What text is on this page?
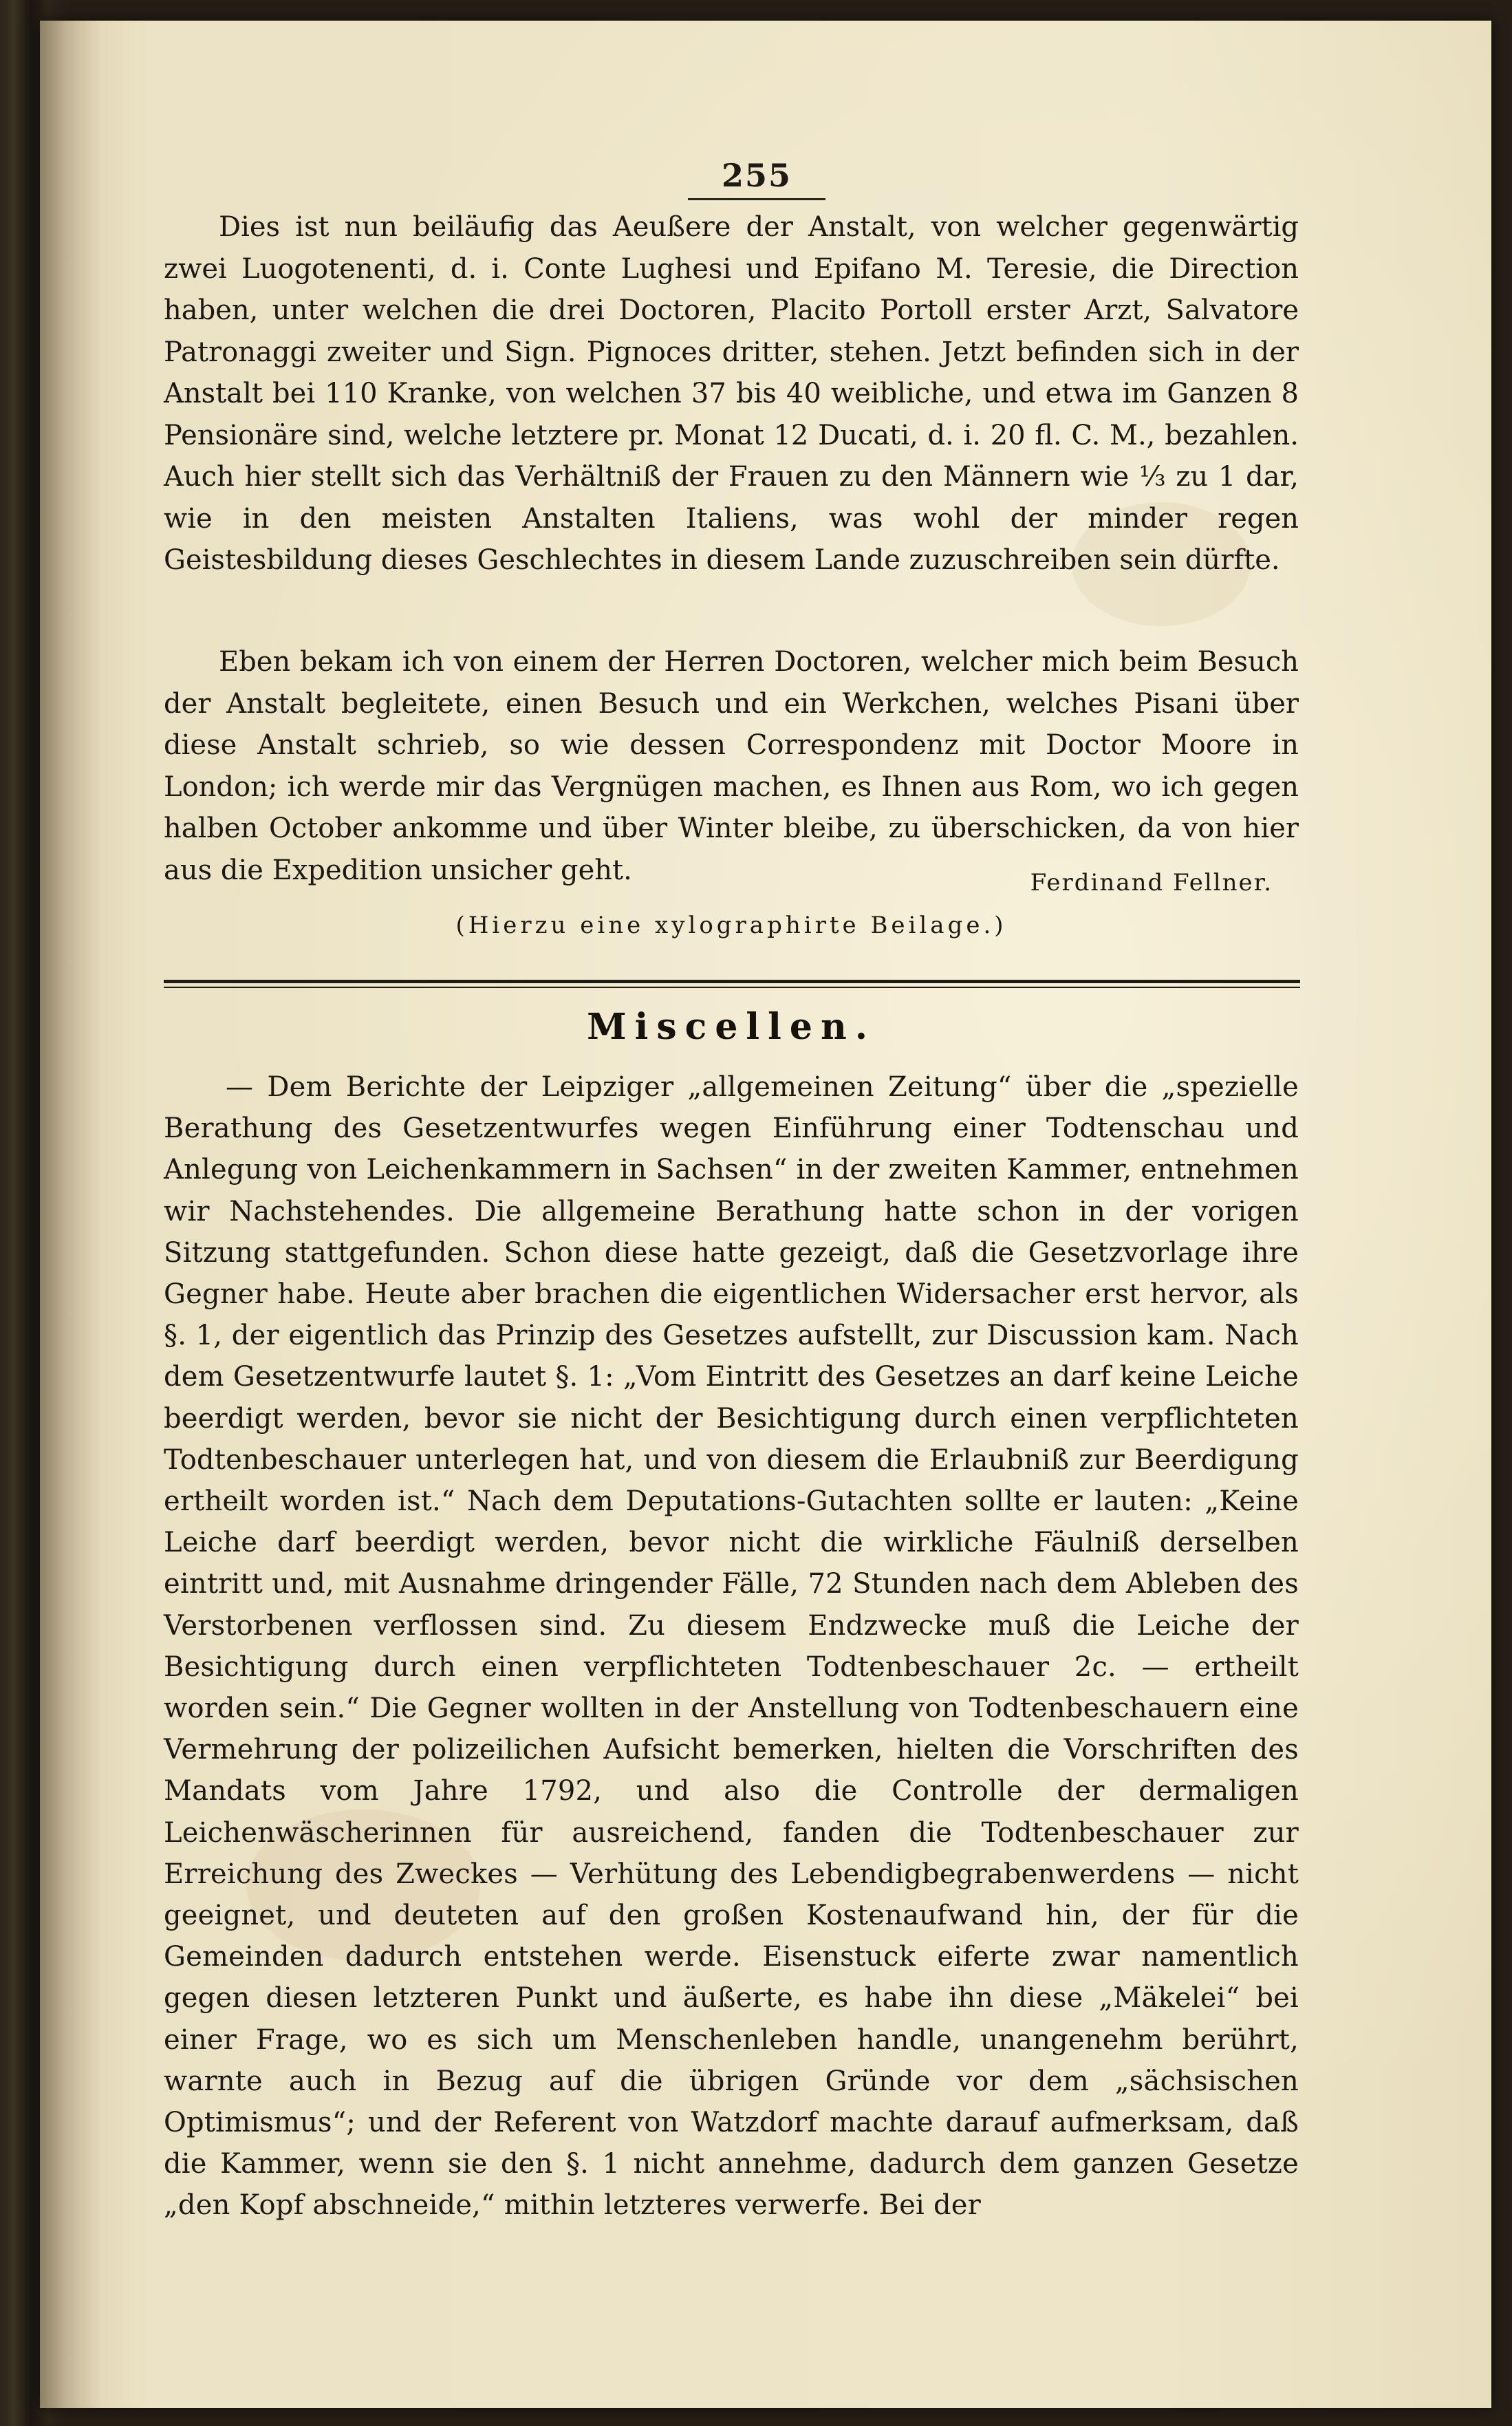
255

Dies ist nun beiläufig das Aeußere der Anstalt, von welcher gegenwärtig zwei Luogotenenti, d. i. Conte Lughesi und Epifano M. Teresie, die Direction haben, unter welchen die drei Doctoren, Placito Portoll erster Arzt, Salvatore Patronaggi zweiter und Sign. Pignoces dritter, stehen. Jetzt befinden sich in der Anstalt bei 110 Kranke, von welchen 37 bis 40 weibliche, und etwa im Ganzen 8 Pensionäre sind, welche letztere pr. Monat 12 Ducati, d. i. 20 fl. C. M., bezahlen. Auch hier stellt sich das Verhältniß der Frauen zu den Männern wie ⅓ zu 1 dar, wie in den meisten Anstalten Italiens, was wohl der minder regen Geistesbildung dieses Geschlechtes in diesem Lande zuzuschreiben sein dürfte.

Eben bekam ich von einem der Herren Doctoren, welcher mich beim Besuch der Anstalt begleitete, einen Besuch und ein Werkchen, welches Pisani über diese Anstalt schrieb, so wie dessen Correspondenz mit Doctor Moore in London; ich werde mir das Vergnügen machen, es Ihnen aus Rom, wo ich gegen halben October ankomme und über Winter bleibe, zu überschicken, da von hier aus die Expedition unsicher geht.	Ferdinand Fellner.
(Hierzu eine xylographirte Beilage.)
Miscellen.

— Dem Berichte der Leipziger „allgemeinen Zeitung“ über die „spezielle Berathung des Gesetzentwurfes wegen Einführung einer Todtenschau und Anlegung von Leichenkammern in Sachsen“ in der zweiten Kammer, entnehmen wir Nachstehendes. Die allgemeine Berathung hatte schon in der vorigen Sitzung stattgefunden. Schon diese hatte gezeigt, daß die Gesetzvorlage ihre Gegner habe. Heute aber brachen die eigentlichen Widersacher erst hervor, als §. 1, der eigentlich das Prinzip des Gesetzes aufstellt, zur Discussion kam. Nach dem Gesetzentwurfe lautet §. 1: „Vom Eintritt des Gesetzes an darf keine Leiche beerdigt werden, bevor sie nicht der Besichtigung durch einen verpflichteten Todtenbeschauer unterlegen hat, und von diesem die Erlaubniß zur Beerdigung ertheilt worden ist.“ Nach dem Deputations-Gutachten sollte er lauten: „Keine Leiche darf beerdigt werden, bevor nicht die wirkliche Fäulniß derselben eintritt und, mit Ausnahme dringender Fälle, 72 Stunden nach dem Ableben des Verstorbenen verflossen sind. Zu diesem Endzwecke muß die Leiche der Besichtigung durch einen verpflichteten Todtenbeschauer 2c. — ertheilt worden sein.“ Die Gegner wollten in der Anstellung von Todtenbeschauern eine Vermehrung der polizeilichen Aufsicht bemerken, hielten die Vorschriften des Mandats vom Jahre 1792, und also die Controlle der dermaligen Leichenwäscherinnen für ausreichend, fanden die Todtenbeschauer zur Erreichung des Zweckes — Verhütung des Lebendigbegrabenwerdens — nicht geeignet, und deuteten auf den großen Kostenaufwand hin, der für die Gemeinden dadurch entstehen werde. Eisenstuck eiferte zwar namentlich gegen diesen letzteren Punkt und äußerte, es habe ihn diese „Mäkelei“ bei einer Frage, wo es sich um Menschenleben handle, unangenehm berührt, warnte auch in Bezug auf die übrigen Gründe vor dem „sächsischen Optimismus“; und der Referent von Watzdorf machte darauf aufmerksam, daß die Kammer, wenn sie den §. 1 nicht annehme, dadurch dem ganzen Gesetze „den Kopf abschneide,“ mithin letzteres verwerfe. Bei der
